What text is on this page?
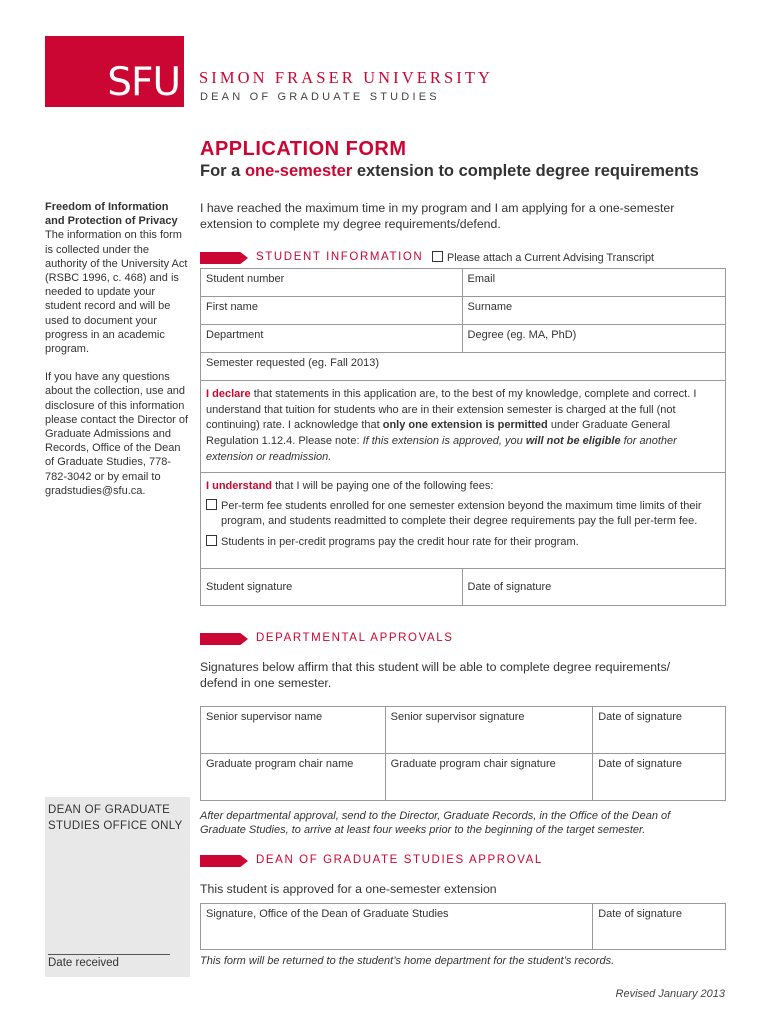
SFU SIMON FRASER UNIVERSITY
DEAN OF GRADUATE STUDIES
APPLICATION FORM
For a one-semester extension to complete degree requirements

Freedom of Information
and Protection of Privacy
The information on this form is collected under the authority of the University Act (RSBC 1996, c. 468) and is needed to update your student record and will be used to document your progress in an academic program.

If you have any questions about the collection, use and disclosure of this information please contact the Director of Graduate Admissions and Records, Office of the Dean of Graduate Studies, 778-782-3042 or by email to gradstudies@sfu.ca.

I have reached the maximum time in my program and I am applying for a one-semester extension to complete my degree requirements/defend.
STUDENT INFORMATION	Please attach a Current Advising Transcript
Student number	Email
First name	Surname
Department	Degree (eg. MA, PhD)
Semester requested (eg. Fall 2013)	
I declare that statements in this application are, to the best of my knowledge, complete and correct. I understand that tuition for students who are in their extension semester is charged at the full (not continuing) rate. I acknowledge that only one extension is permitted under Graduate General Regulation 1.12.4. Please note: If this extension is approved, you will not be eligible for another extension or readmission.	

I understand that I will be paying one of the following fees:
Per-term fee students enrolled for one semester extension beyond the maximum time limits of their program, and students readmitted to complete their degree requirements pay the full per-term fee.
Students in per-credit programs pay the credit hour rate for their program.	

Student signature	Date of signature
DEPARTMENTAL APPROVALS
Signatures below affirm that this student will be able to complete degree requirements/ defend in one semester.
Senior supervisor name	Senior supervisor signature	Date of signature
Graduate program chair name	Graduate program chair signature	Date of signature
After departmental approval, send to the Director, Graduate Records, in the Office of the Dean of Graduate Studies, to arrive at least four weeks prior to the beginning of the target semester.
DEAN OF GRADUATE STUDIES APPROVAL
This student is approved for a one-semester extension
Signature, Office of the Dean of Graduate Studies	Date of signature
This form will be returned to the student’s home department for the student’s records.
DEAN OF GRADUATE
STUDIES OFFICE ONLY
Date received
Revised January 2013
